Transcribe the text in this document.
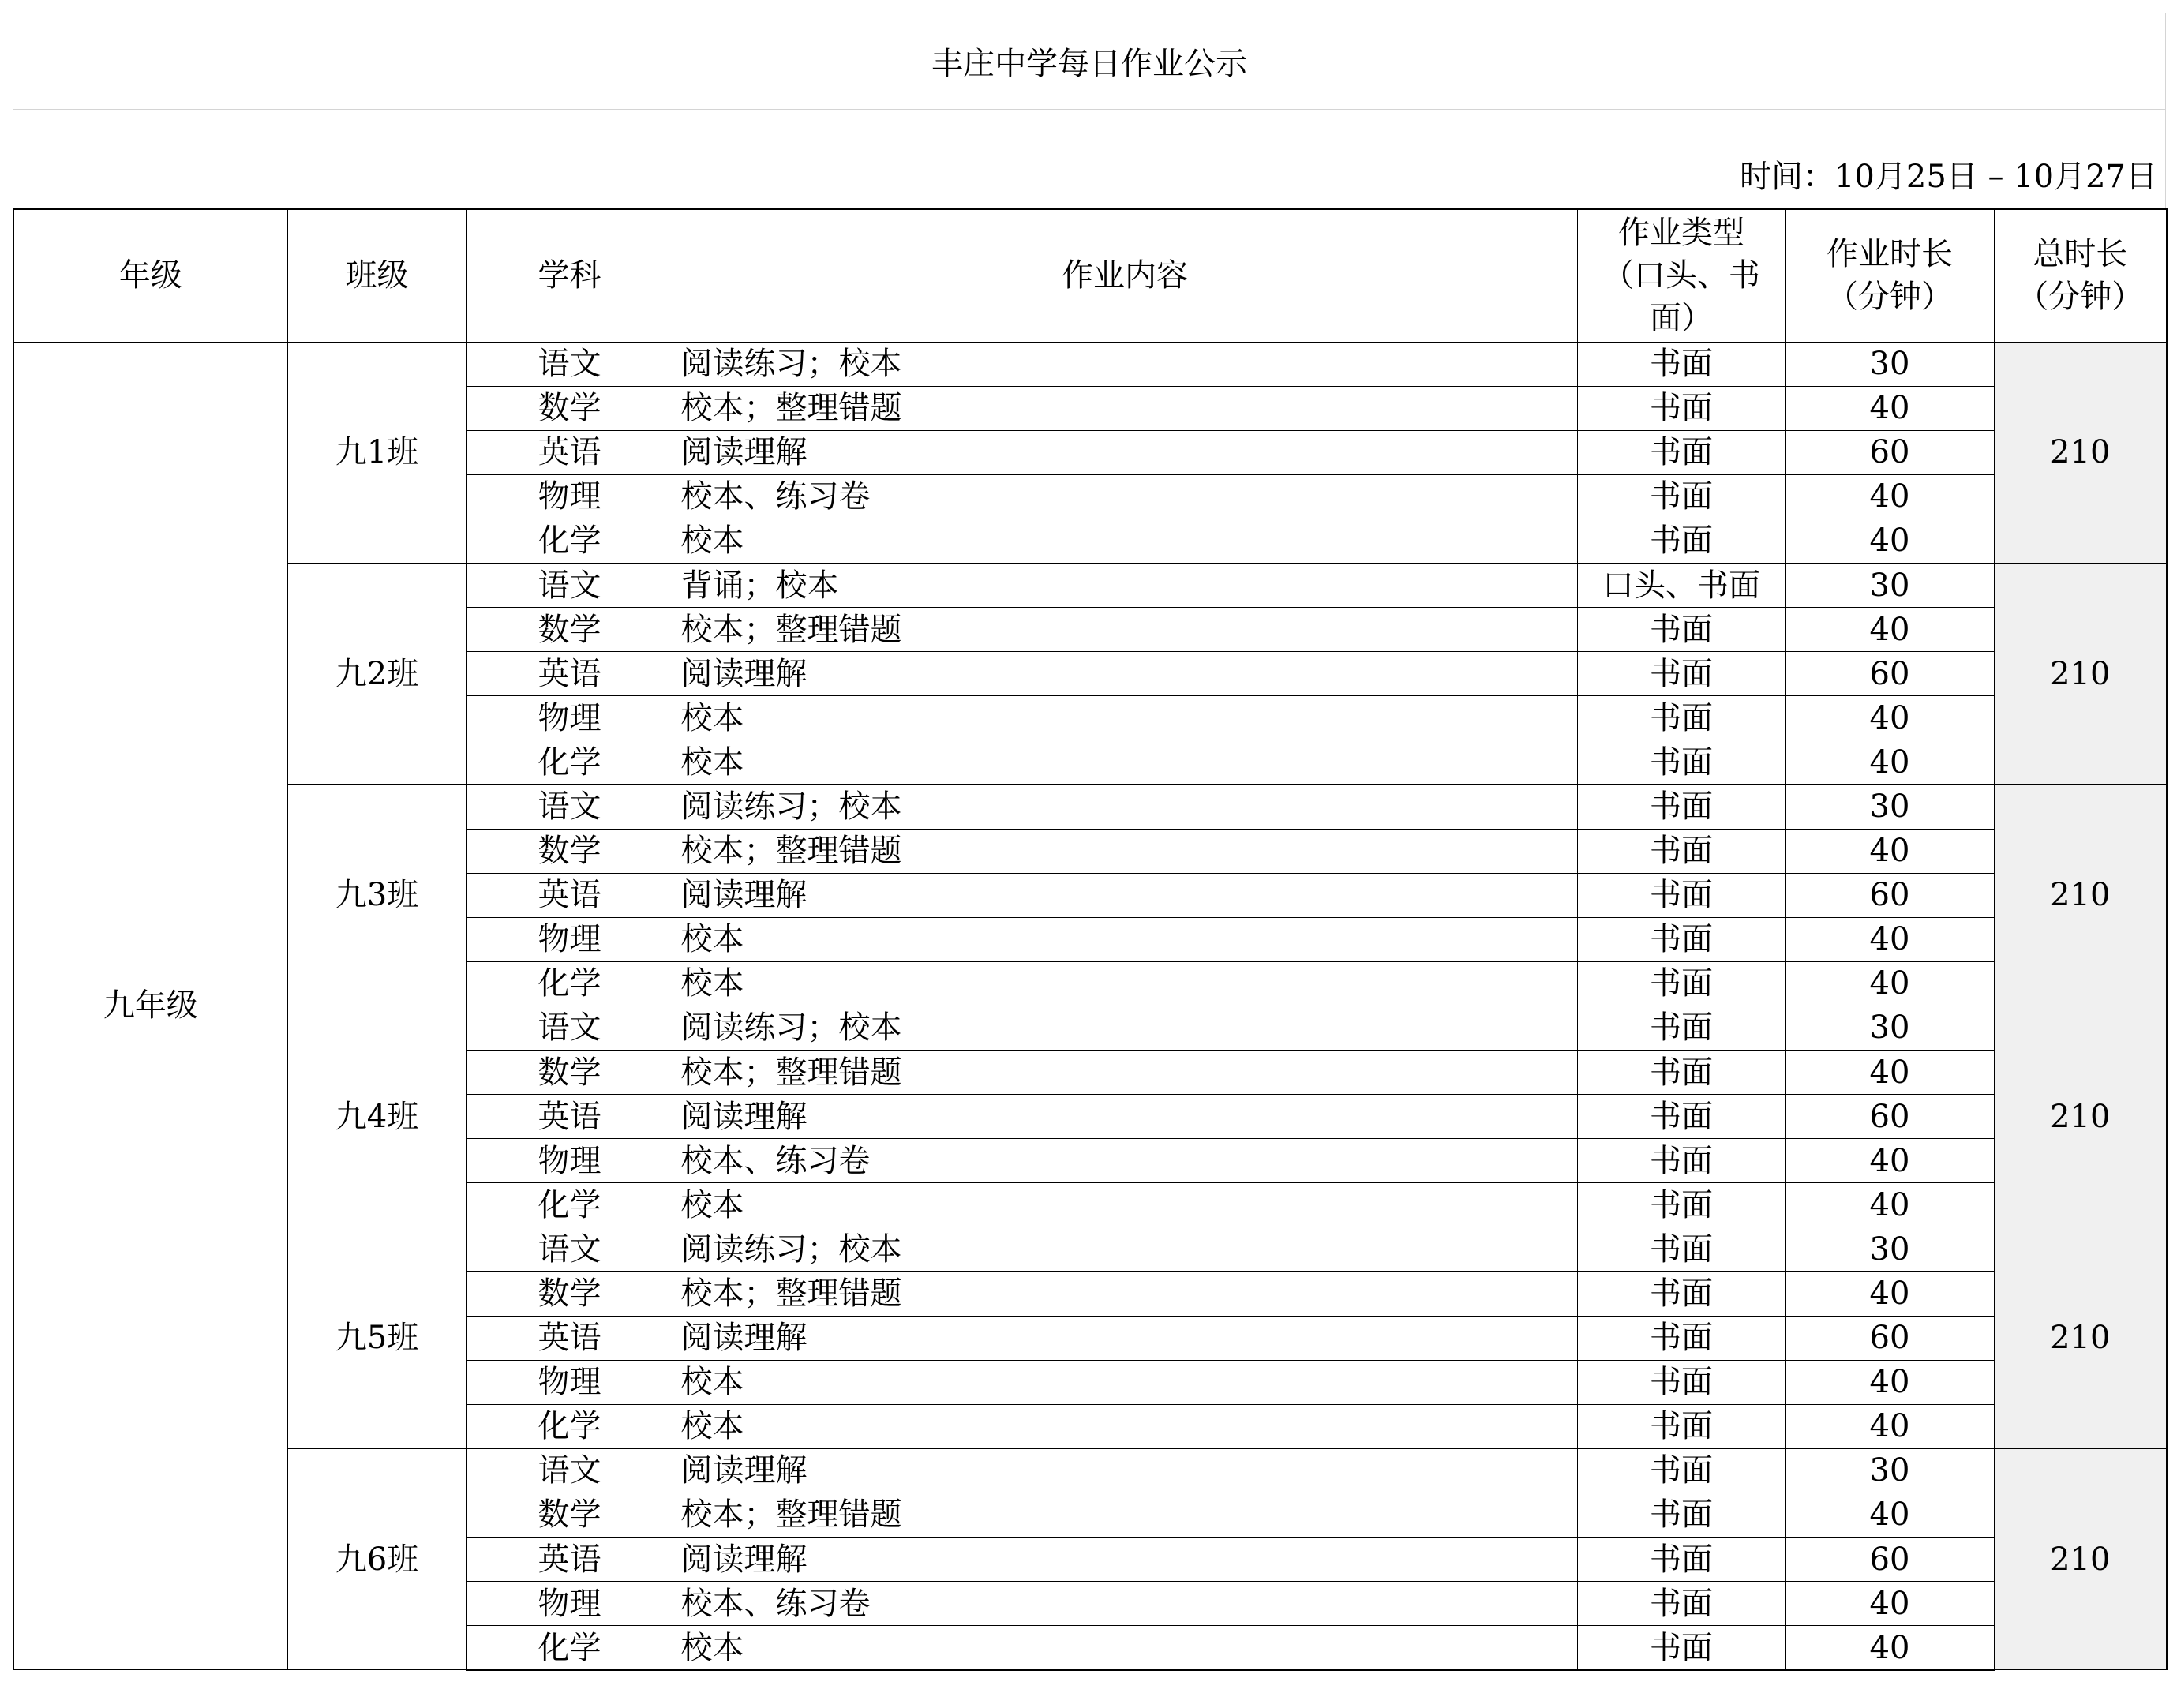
丰庄中学每日作业公示
时间：10月25日 – 10月27日
年级	班级	学科	作业内容	作业类型（口头、书面）	作业时长（分钟）	总时长（分钟）

九年级	九1班	语文	阅读练习；校本	书面	30	210
		数学	校本；整理错题	书面	40	
		英语	阅读理解	书面	60	
		物理	校本、练习卷	书面	40	
		化学	校本	书面	40	
	九2班	语文	背诵；校本	口头、书面	30	210
		数学	校本；整理错题	书面	40	
		英语	阅读理解	书面	60	
		物理	校本	书面	40	
		化学	校本	书面	40	
	九3班	语文	阅读练习；校本	书面	30	210
		数学	校本；整理错题	书面	40	
		英语	阅读理解	书面	60	
		物理	校本	书面	40	
		化学	校本	书面	40	
	九4班	语文	阅读练习；校本	书面	30	210
		数学	校本；整理错题	书面	40	
		英语	阅读理解	书面	60	
		物理	校本、练习卷	书面	40	
		化学	校本	书面	40	
	九5班	语文	阅读练习；校本	书面	30	210
		数学	校本；整理错题	书面	40	
		英语	阅读理解	书面	60	
		物理	校本	书面	40	
		化学	校本	书面	40	
	九6班	语文	阅读理解	书面	30	210
		数学	校本；整理错题	书面	40	
		英语	阅读理解	书面	60	
		物理	校本、练习卷	书面	40	
		化学	校本	书面	40	
